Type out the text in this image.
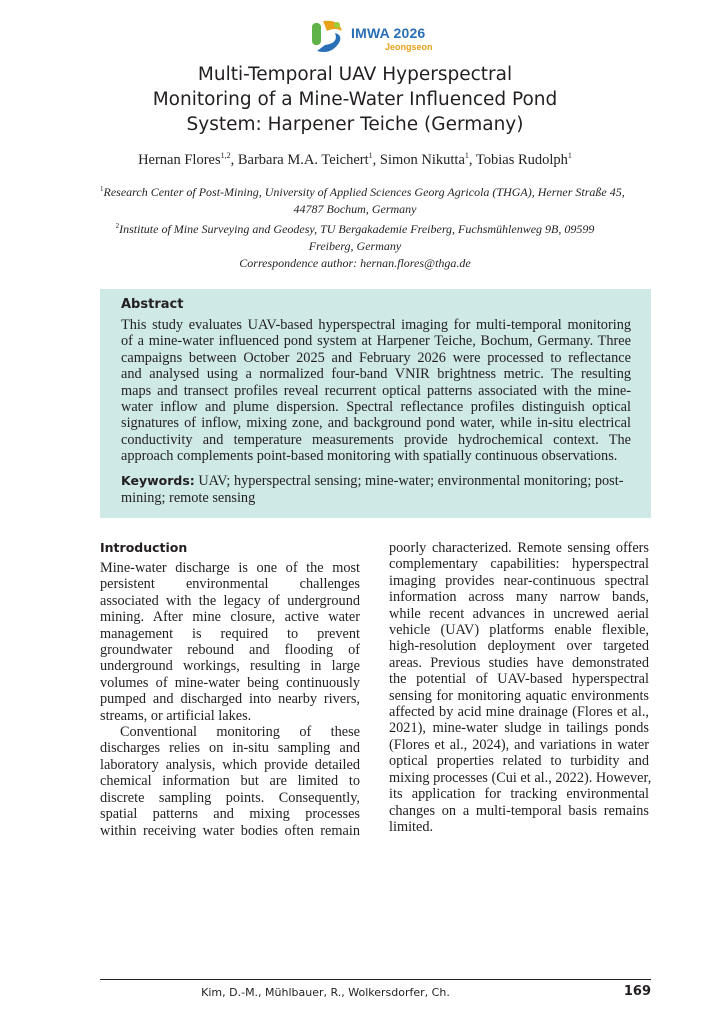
IMWA 2026
Jeongseon
Multi-Temporal UAV Hyperspectral
Monitoring of a Mine-Water Influenced Pond
System: Harpener Teiche (Germany)
Hernan Flores$^{1,2}$, Barbara M.A. Teichert$^1$, Simon Nikutta$^1$, Tobias Rudolph$^1$
$^1$Research Center of Post-Mining, University of Applied Sciences Georg Agricola (THGA), Herner Straße 45,
44787 Bochum, Germany
$^2$Institute of Mine Surveying and Geodesy, TU Bergakademie Freiberg, Fuchsmühlenweg 9B, 09599
Freiberg, Germany
Correspondence author: hernan.flores@thga.de
Abstract
This study evaluates UAV-based hyperspectral imaging for multi-temporal monitoring
of a mine-water influenced pond system at Harpener Teiche, Bochum, Germany. Three
campaigns between October 2025 and February 2026 were processed to reflectance
and analysed using a normalized four-band VNIR brightness metric. The resulting
maps and transect profiles reveal recurrent optical patterns associated with the mine-
water inflow and plume dispersion. Spectral reflectance profiles distinguish optical
signatures of inflow, mixing zone, and background pond water, while in-situ electrical
conductivity and temperature measurements provide hydrochemical context. The
approach complements point-based monitoring with spatially continuous observations.
Keywords: UAV; hyperspectral sensing; mine-water; environmental monitoring; post-
mining; remote sensing
Introduction
Mine-water discharge is one of the most
persistent environmental challenges
associated with the legacy of underground
mining. After mine closure, active water
management is required to prevent
groundwater rebound and flooding of
underground workings, resulting in large
volumes of mine-water being continuously
pumped and discharged into nearby rivers,
streams, or artificial lakes.
Conventional monitoring of these
discharges relies on in-situ sampling and
laboratory analysis, which provide detailed
chemical information but are limited to
discrete sampling points. Consequently,
spatial patterns and mixing processes
within receiving water bodies often remain
poorly characterized. Remote sensing offers
complementary capabilities: hyperspectral
imaging provides near-continuous spectral
information across many narrow bands,
while recent advances in uncrewed aerial
vehicle (UAV) platforms enable flexible,
high-resolution deployment over targeted
areas. Previous studies have demonstrated
the potential of UAV-based hyperspectral
sensing for monitoring aquatic environments
affected by acid mine drainage (Flores et al.,
2021), mine-water sludge in tailings ponds
(Flores et al., 2024), and variations in water
optical properties related to turbidity and
mixing processes (Cui et al., 2022). However,
its application for tracking environmental
changes on a multi-temporal basis remains
limited.
Kim, D.-M., Mühlbauer, R., Wolkersdorfer, Ch.	169
